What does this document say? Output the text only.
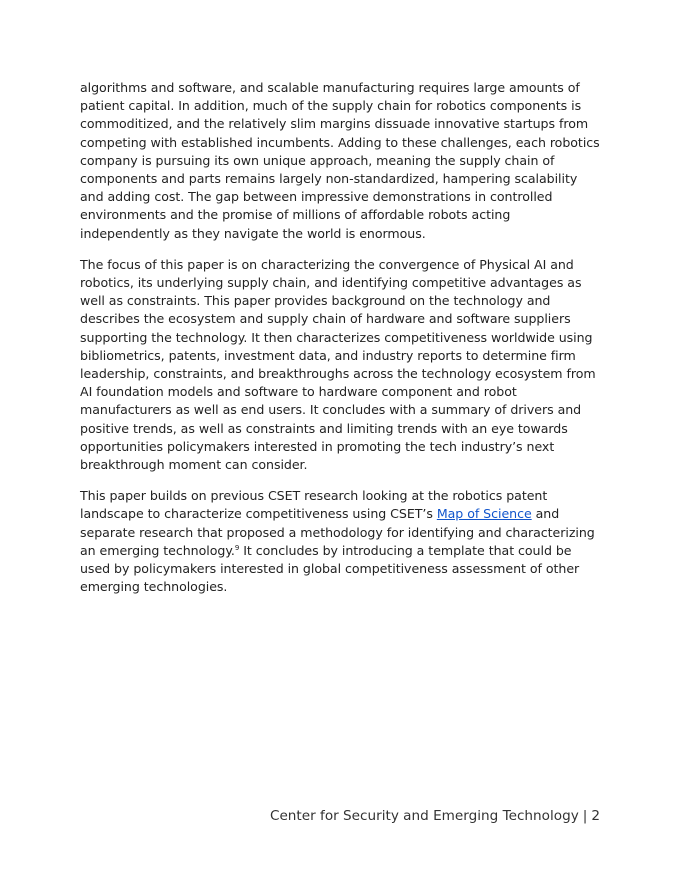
algorithms and software, and scalable manufacturing requires large amounts of patient capital. In addition, much of the supply chain for robotics components is commoditized, and the relatively slim margins dissuade innovative startups from competing with established incumbents. Adding to these challenges, each robotics company is pursuing its own unique approach, meaning the supply chain of components and parts remains largely non-standardized, hampering scalability and adding cost. The gap between impressive demonstrations in controlled environments and the promise of millions of affordable robots acting independently as they navigate the world is enormous.

The focus of this paper is on characterizing the convergence of Physical AI and robotics, its underlying supply chain, and identifying competitive advantages as well as constraints. This paper provides background on the technology and describes the ecosystem and supply chain of hardware and software suppliers supporting the technology. It then characterizes competitiveness worldwide using bibliometrics, patents, investment data, and industry reports to determine firm leadership, constraints, and breakthroughs across the technology ecosystem from AI foundation models and software to hardware component and robot manufacturers as well as end users. It concludes with a summary of drivers and positive trends, as well as constraints and limiting trends with an eye towards opportunities policymakers interested in promoting the tech industry’s next breakthrough moment can consider.

This paper builds on previous CSET research looking at the robotics patent landscape to characterize competitiveness using CSET’s Map of Science and separate research that proposed a methodology for identifying and characterizing an emerging technology.$^9$ It concludes by introducing a template that could be used by policymakers interested in global competitiveness assessment of other emerging technologies.

Center for Security and Emerging Technology | 2
